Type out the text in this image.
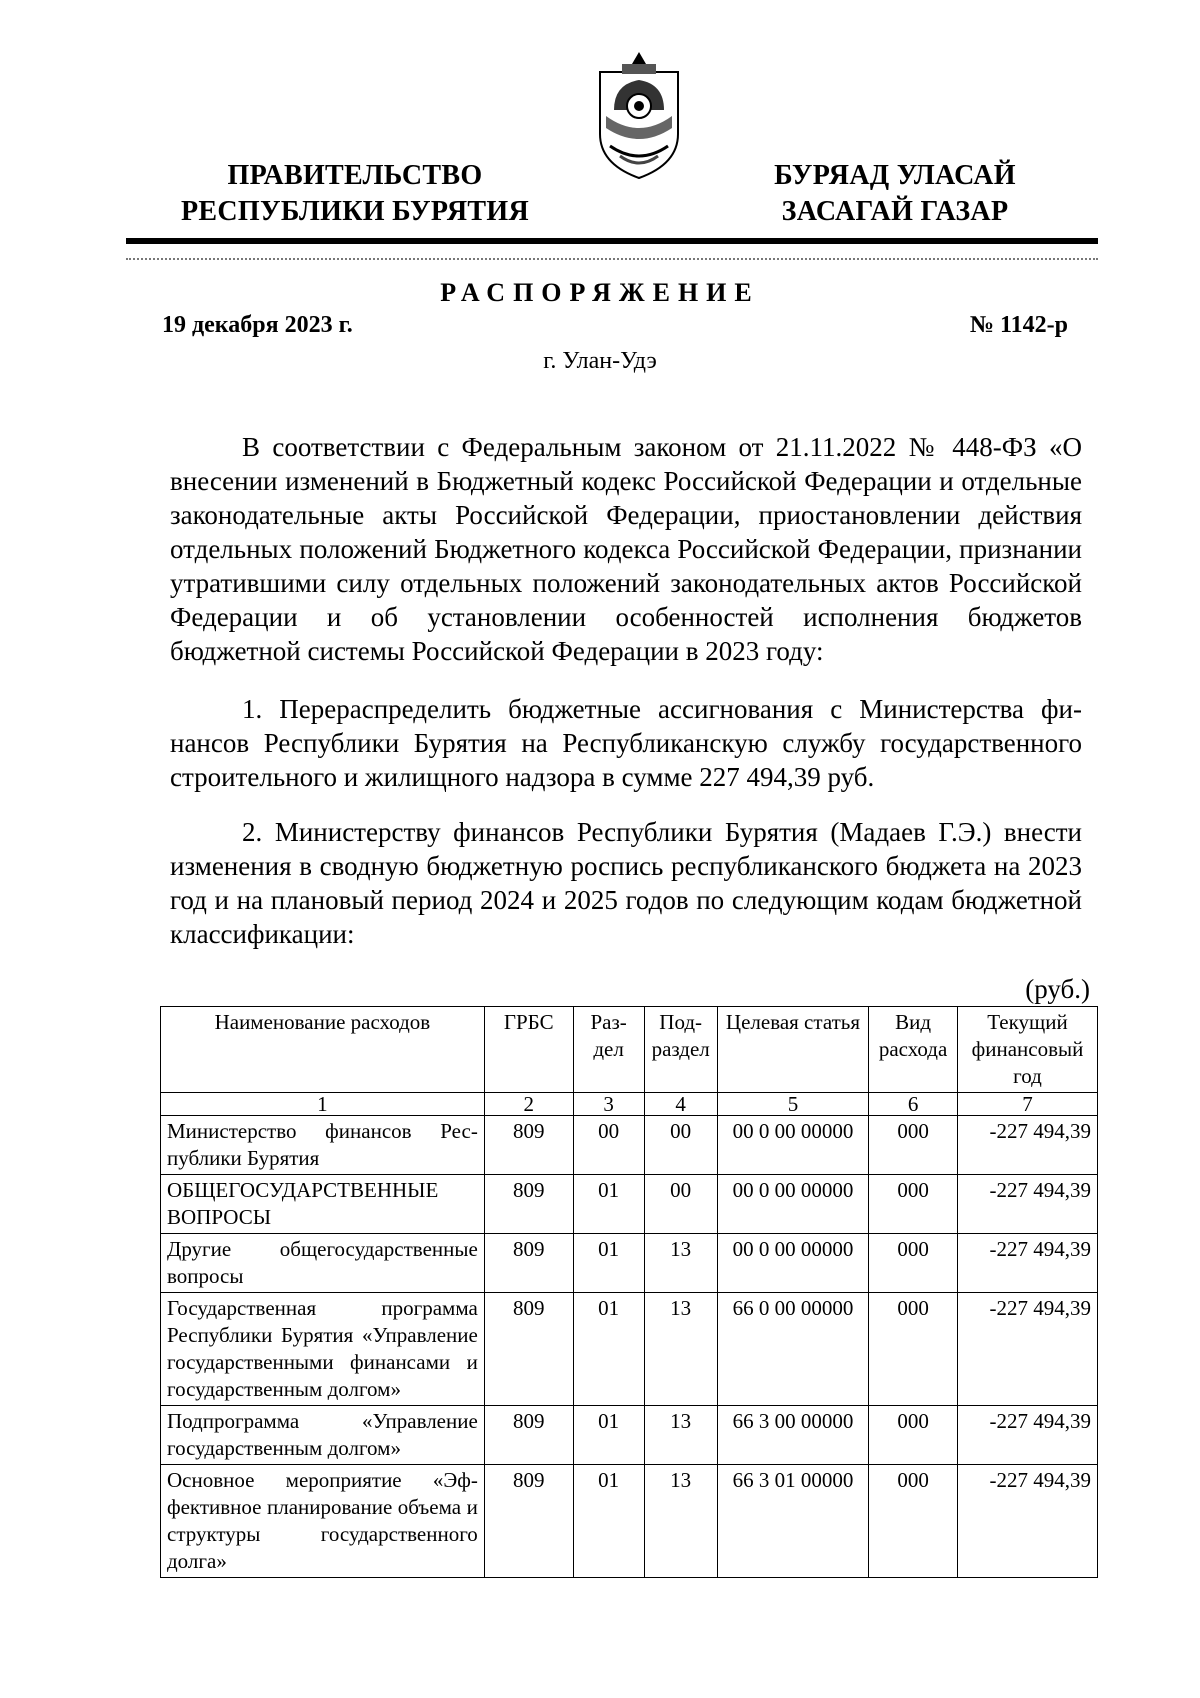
ПРАВИТЕЛЬСТВО
РЕСПУБЛИКИ БУРЯТИЯ
БУРЯАД УЛАСАЙ
ЗАСАГАЙ ГАЗАР
РАСПОРЯЖЕНИЕ
19 декабря 2023 г.	№ 1142-р
г. Улан-Удэ
В соответствии с Федеральным законом от 21.11.2022 № 448-ФЗ «О внесении изменений в Бюджетный кодекс Российской Федерации и отдельные законодательные акты Российской Федерации, приостановлении действия отдельных положений Бюджетного кодекса Российской Федерации, признании утратившими силу отдельных положений законодательных актов Российской Федерации и об установлении особенностей исполнения бюджетов бюджетной системы Российской Федерации в 2023 году:
1. Перераспределить бюджетные ассигнования с Министерства финансов Республики Бурятия на Республиканскую службу государственного строительного и жилищного надзора в сумме 227 494,39 руб.
2. Министерству финансов Республики Бурятия (Мадаев Г.Э.) внести изменения в сводную бюджетную роспись республиканского бюджета на 2023 год и на плановый период 2024 и 2025 годов по следующим кодам бюджетной классификации:
(руб.)
Наименование расходов	ГРБС	Раздел	Подраздел	Целевая статья	Вид расхода	Текущий финансовый год
1	2	3	4	5	6	7
Министерство финансов Республики Бурятия	809	00	00	00 0 00 00000	000	-227 494,39
ОБЩЕГОСУДАРСТВЕННЫЕ ВОПРОСЫ	809	01	00	00 0 00 00000	000	-227 494,39
Другие общегосударственные вопросы	809	01	13	00 0 00 00000	000	-227 494,39
Государственная программа Республики Бурятия «Управление государственными финансами и государственным долгом»	809	01	13	66 0 00 00000	000	-227 494,39
Подпрограмма «Управление государственным долгом»	809	01	13	66 3 00 00000	000	-227 494,39
Основное мероприятие «Эффективное планирование объема и структуры государственного долга»	809	01	13	66 3 01 00000	000	-227 494,39
